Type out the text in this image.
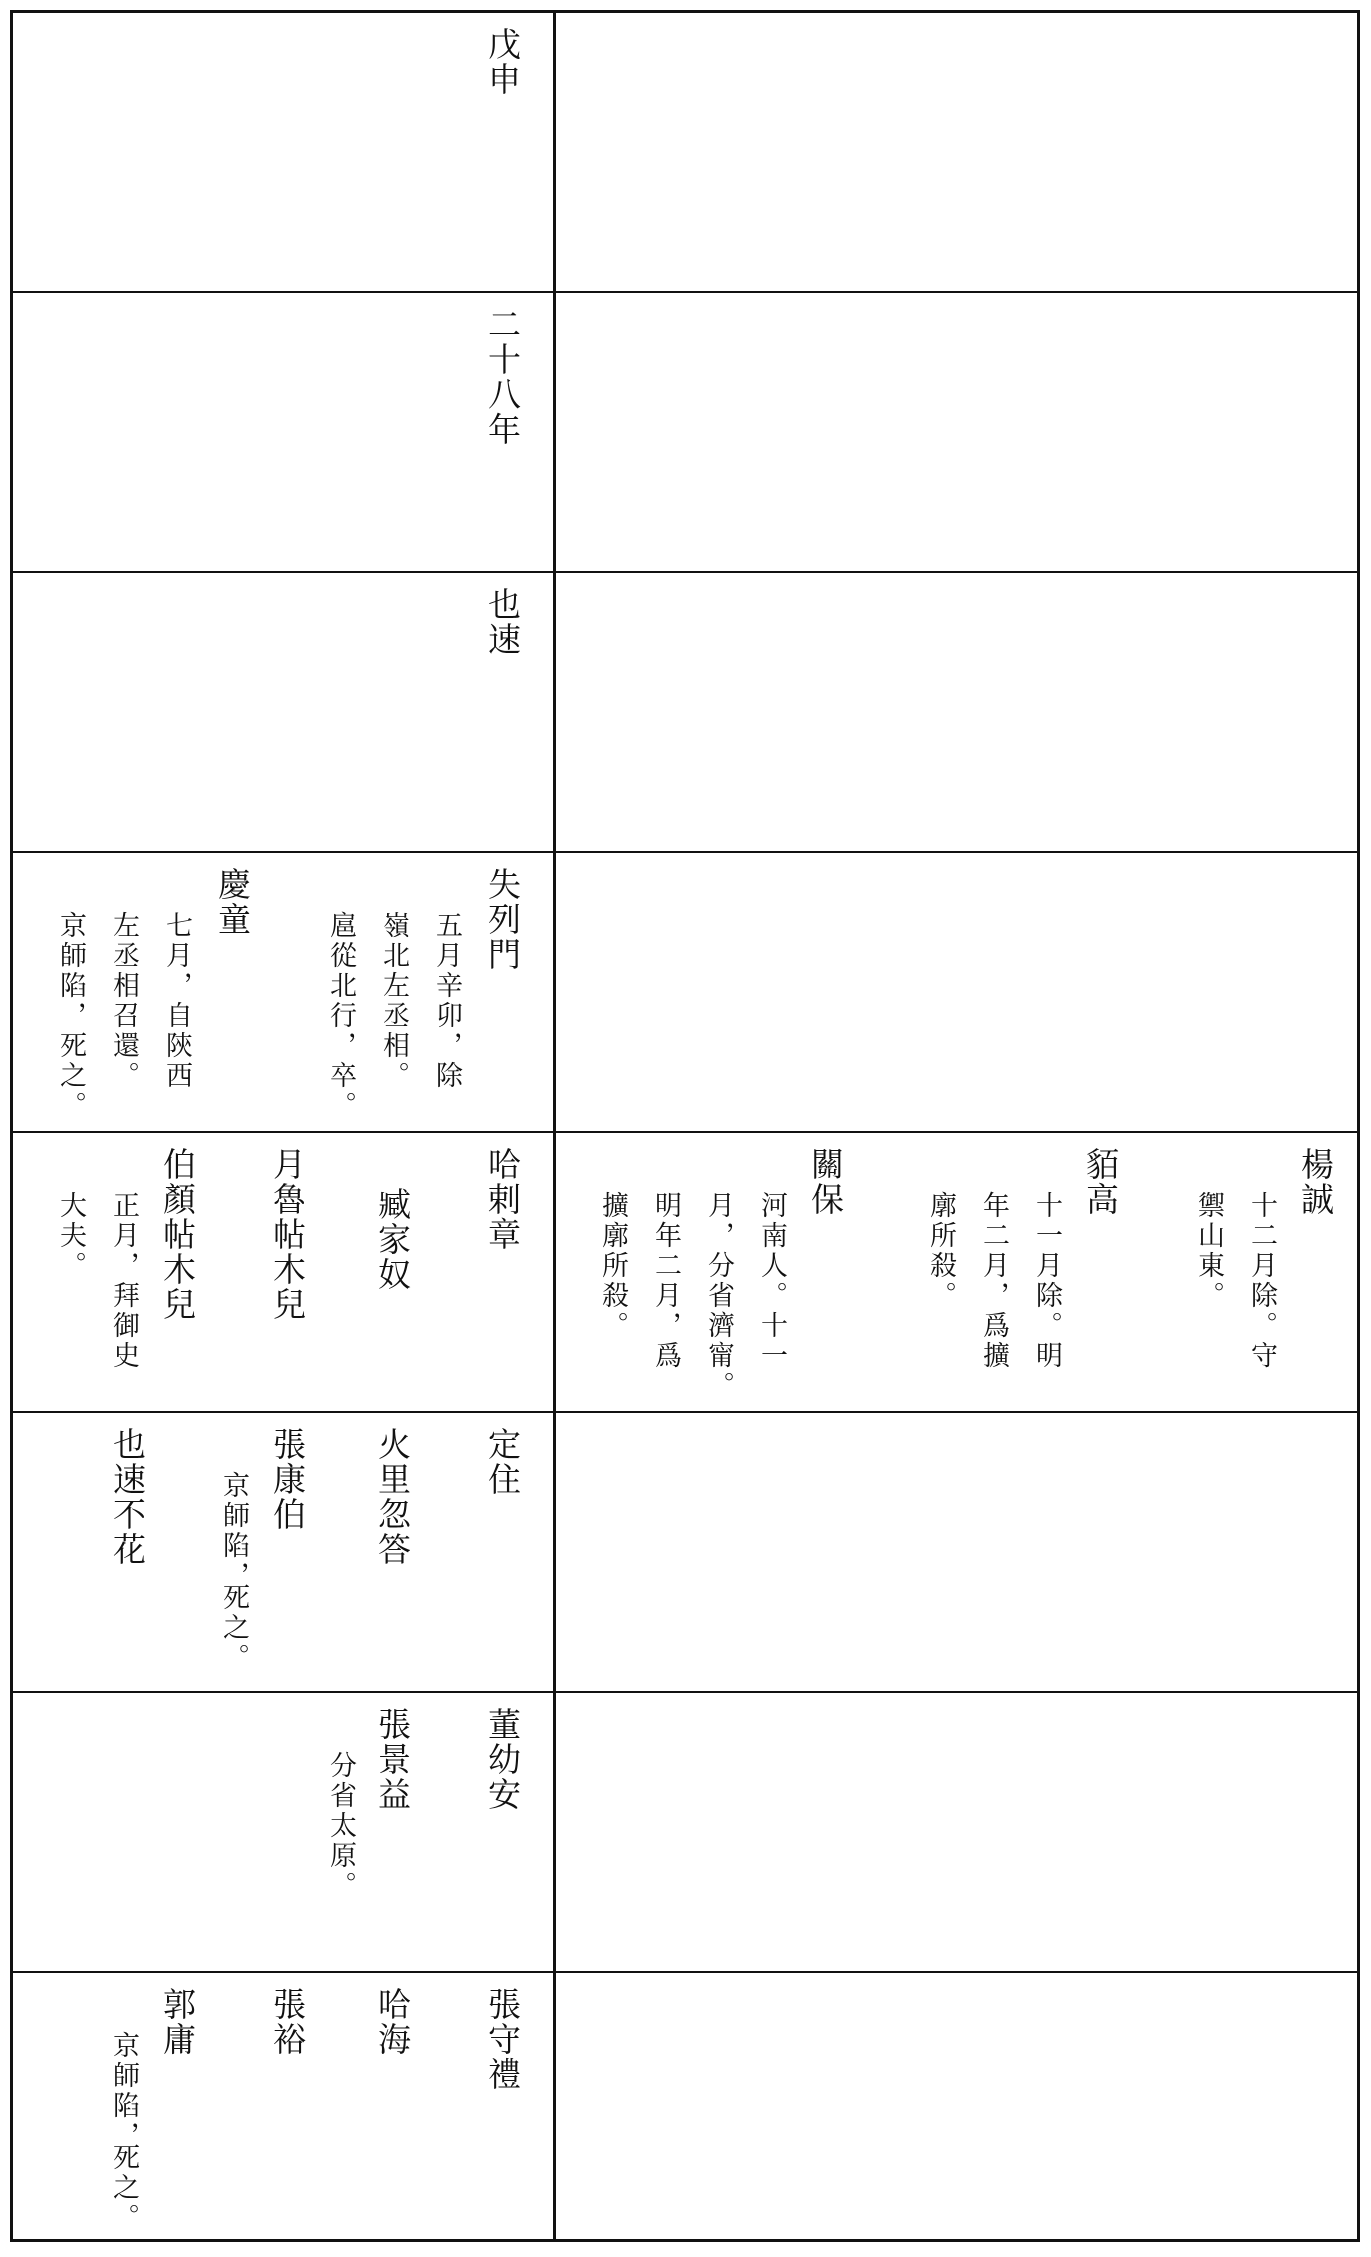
戊申
二十八年
也速
失列門
五月辛卯，除
嶺北左丞相。
扈從北行，卒。
慶童
七月，自陝西
左丞相召還。
京師陷，死之。
哈剌章
臧家奴
月魯帖木兒
伯顏帖木兒
正月，拜御史
大夫。
楊誠
十二月除。守
禦山東。
貊高
十一月除。明
年二月，爲擴
廓所殺。
關保
河南人。十一
月，分省濟甯。
明年二月，爲
擴廓所殺。
定住
火里忽答
張康伯
京師陷，
死之。
也速不花
董幼安
張景益
分省太原。
張守禮
哈海
張裕
郭庸
京師陷，
死之。
